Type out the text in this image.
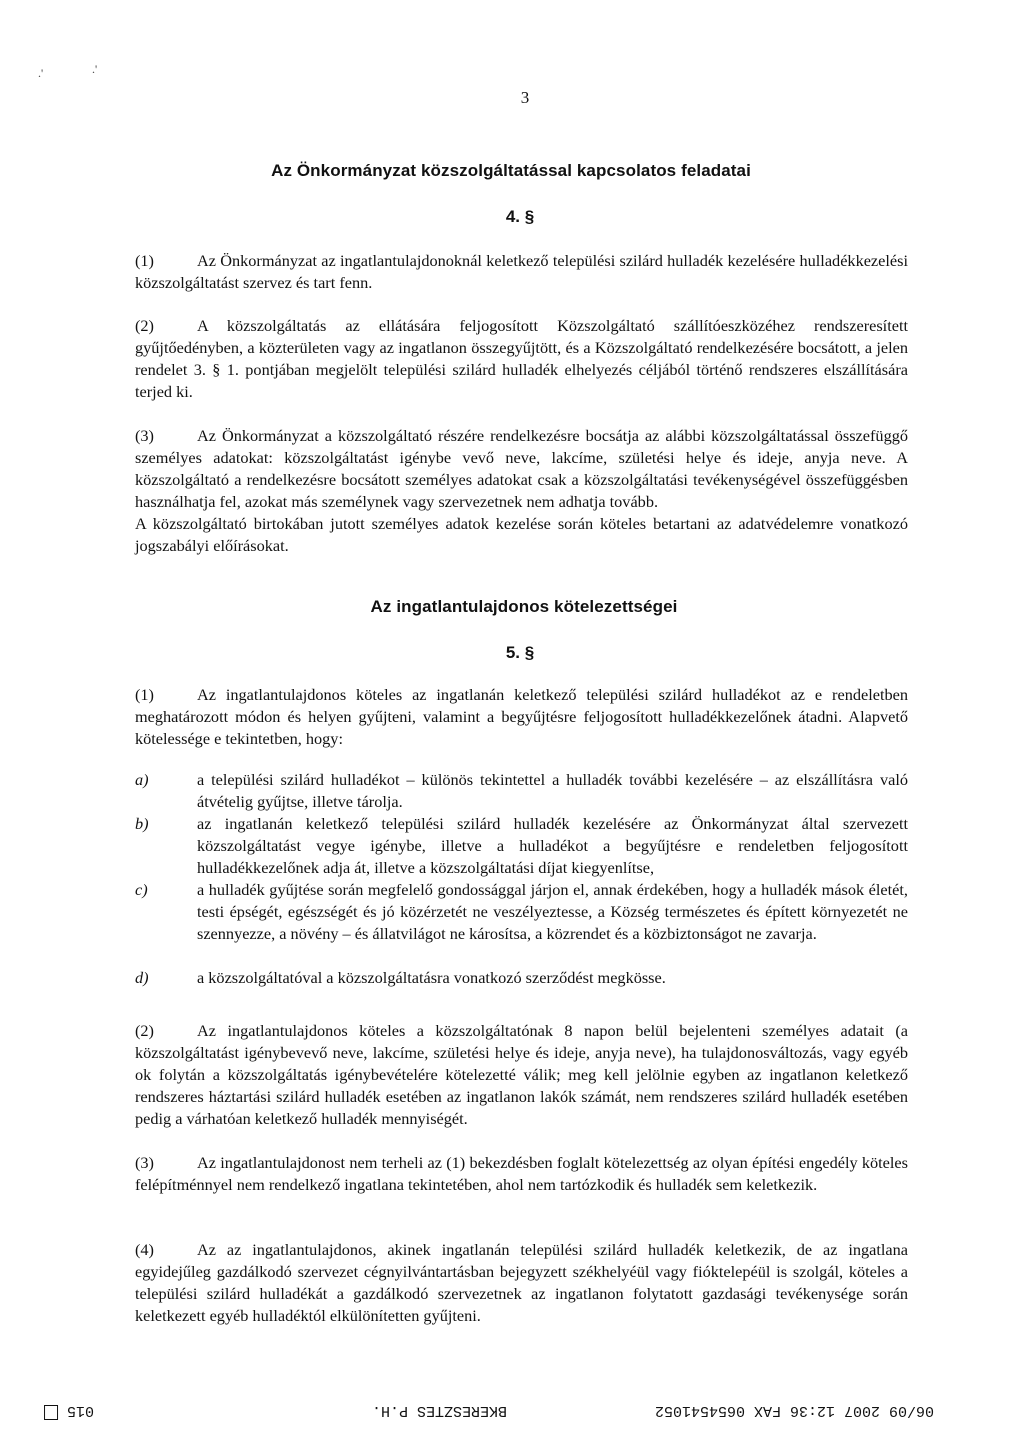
.'	.'
3
Az Önkormányzat közszolgáltatással kapcsolatos feladatai
4. §

(1)	Az Önkormányzat az ingatlantulajdonoknál keletkező települési szilárd hulladék kezelésére hulladékkezelési közszolgáltatást szervez és tart fenn.

(2)	A közszolgáltatás az ellátására feljogosított Közszolgáltató szállítóeszközéhez rendszeresített gyűjtőedényben, a közterületen vagy az ingatlanon összegyűjtött, és a Közszolgáltató rendelkezésére bocsátott, a jelen rendelet 3. § 1. pontjában megjelölt települési szilárd hulladék elhelyezés céljából történő rendszeres elszállítására terjed ki.

(3)	Az Önkormányzat a közszolgáltató részére rendelkezésre bocsátja az alábbi közszolgáltatással összefüggő személyes adatokat: közszolgáltatást igénybe vevő neve, lakcíme, születési helye és ideje, anyja neve. A közszolgáltató a rendelkezésre bocsátott személyes adatokat csak a közszolgáltatási tevékenységével összefüggésben használhatja fel, azokat más személynek vagy szervezetnek nem adhatja tovább.

A közszolgáltató birtokában jutott személyes adatok kezelése során köteles betartani az adatvédelemre vonatkozó jogszabályi előírásokat.

Az ingatlantulajdonos kötelezettségei
5. §

(1)	Az ingatlantulajdonos köteles az ingatlanán keletkező települési szilárd hulladékot az e rendeletben meghatározott módon és helyen gyűjteni, valamint a begyűjtésre feljogosított hulladékkezelőnek átadni. Alapvető kötelessége e tekintetben, hogy:

a)	a települési szilárd hulladékot – különös tekintettel a hulladék további kezelésére – az elszállításra való átvételig gyűjtse, illetve tárolja.
b)	az ingatlanán keletkező települési szilárd hulladék kezelésére az Önkormányzat által szervezett közszolgáltatást vegye igénybe, illetve a hulladékot a begyűjtésre e rendeletben feljogosított hulladékkezelőnek adja át, illetve a közszolgáltatási díjat kiegyenlítse,
c)	a hulladék gyűjtése során megfelelő gondossággal járjon el, annak érdekében, hogy a hulladék mások életét, testi épségét, egészségét és jó közérzetét ne veszélyeztesse, a Község természetes és épített környezetét ne szennyezze, a növény – és állatvilágot ne károsítsa, a közrendet és a közbiztonságot ne zavarja.
d)	a közszolgáltatóval a közszolgáltatásra vonatkozó szerződést megkösse.

(2)	Az ingatlantulajdonos köteles a közszolgáltatónak 8 napon belül bejelenteni személyes adatait (a közszolgáltatást igénybevevő neve, lakcíme, születési helye és ideje, anyja neve), ha tulajdonosváltozás, vagy egyéb ok folytán a közszolgáltatás igénybevételére kötelezetté válik; meg kell jelölnie egyben az ingatlanon keletkező rendszeres háztartási szilárd hulladék esetében az ingatlanon lakók számát, nem rendszeres szilárd hulladék esetében pedig a várhatóan keletkező hulladék mennyiségét.

(3)	Az ingatlantulajdonost nem terheli az (1) bekezdésben foglalt kötelezettség az olyan építési engedély köteles felépítménnyel nem rendelkező ingatlana tekintetében, ahol nem tartózkodik és hulladék sem keletkezik.

(4)	Az az ingatlantulajdonos, akinek ingatlanán települési szilárd hulladék keletkezik, de az ingatlana egyidejűleg gazdálkodó szervezet cégnyilvántartásban bejegyzett székhelyéül vagy fióktelepéül is szolgál, köteles a települési szilárd hulladékát a gazdálkodó szervezetnek az ingatlanon folytatott gazdasági tevékenysége során keletkezett egyéb hulladéktól elkülönítetten gyűjteni.

06/09 2007 12:36 FAX 0654541052
BKERESZTES P.H.
015
